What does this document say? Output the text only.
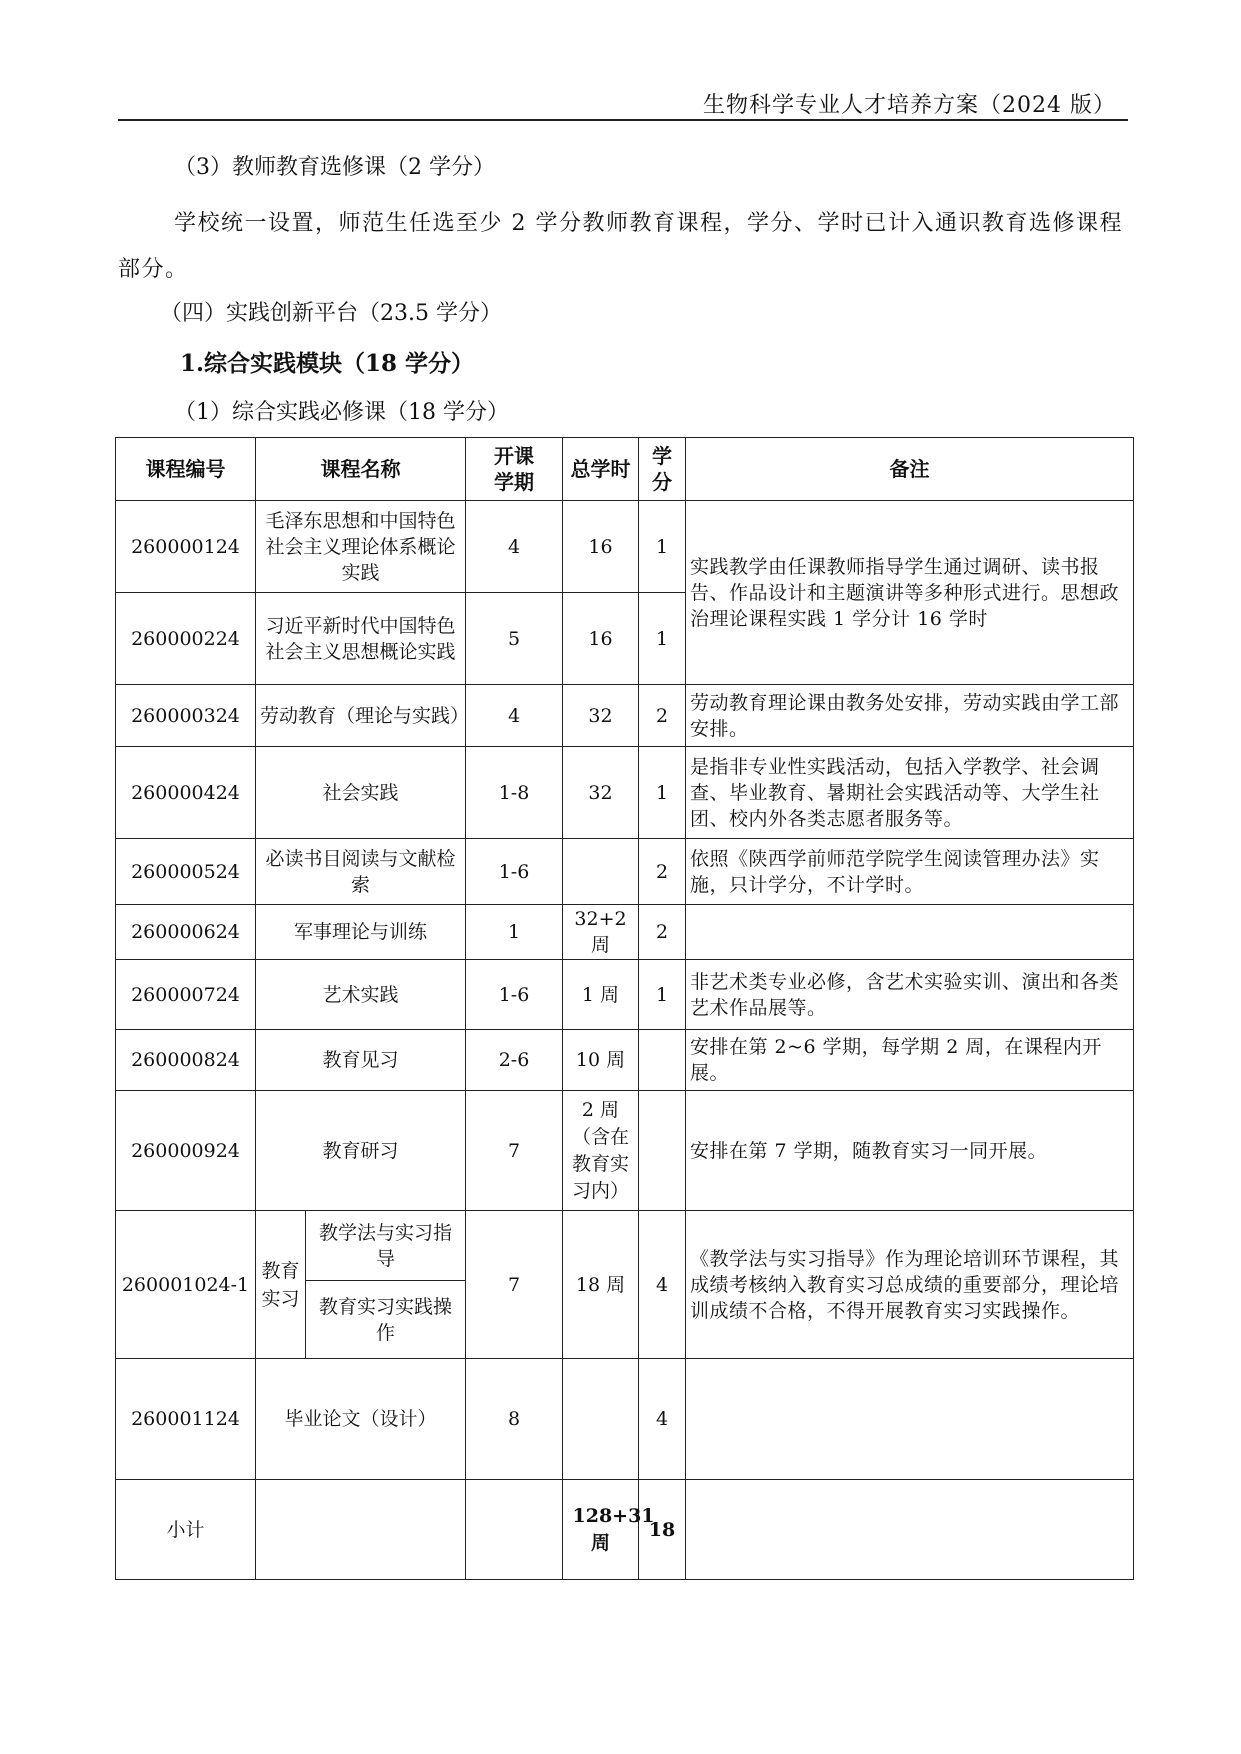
生物科学专业人才培养方案（2024 版）
（3）教师教育选修课（2 学分）
学校统一设置，师范生任选至少 2 学分教师教育课程，学分、学时已计入通识教育选修课程部分。
（四）实践创新平台（23.5 学分）
1.综合实践模块（18 学分）
（1）综合实践必修课（18 学分）
课程编号	课程名称		开课学期	总学时	学分	备注
260000124	毛泽东思想和中国特色社会主义理论体系概论实践		4	16	1	实践教学由任课教师指导学生通过调研、读书报告、作品设计和主题演讲等多种形式进行。思想政治理论课程实践 1 学分计 16 学时
260000224	习近平新时代中国特色社会主义思想概论实践		5	16	1	
260000324	劳动教育（理论与实践）		4	32	2	劳动教育理论课由教务处安排，劳动实践由学工部安排。
260000424	社会实践		1-8	32	1	是指非专业性实践活动，包括入学教学、社会调查、毕业教育、暑期社会实践活动等、大学生社团、校内外各类志愿者服务等。
260000524	必读书目阅读与文献检索		1-6		2	依照《陕西学前师范学院学生阅读管理办法》实施，只计学分，不计学时。
260000624	军事理论与训练		1	32+2 周	2	
260000724	艺术实践		1-6	1 周	1	非艺术类专业必修，含艺术实验实训、演出和各类艺术作品展等。
260000824	教育见习		2-6	10 周		安排在第 2~6 学期，每学期 2 周，在课程内开展。
260000924	教育研习		7	2 周（含在教育实习内）		安排在第 7 学期，随教育实习一同开展。
260001024-1	教育实习	教学法与实习指导	7	18 周	4	《教学法与实习指导》作为理论培训环节课程，其成绩考核纳入教育实习总成绩的重要部分，理论培训成绩不合格，不得开展教育实习实践操作。
		教育实习实践操作				
260001124	毕业论文（设计）		8		4	
小计				128+31 周	18	
